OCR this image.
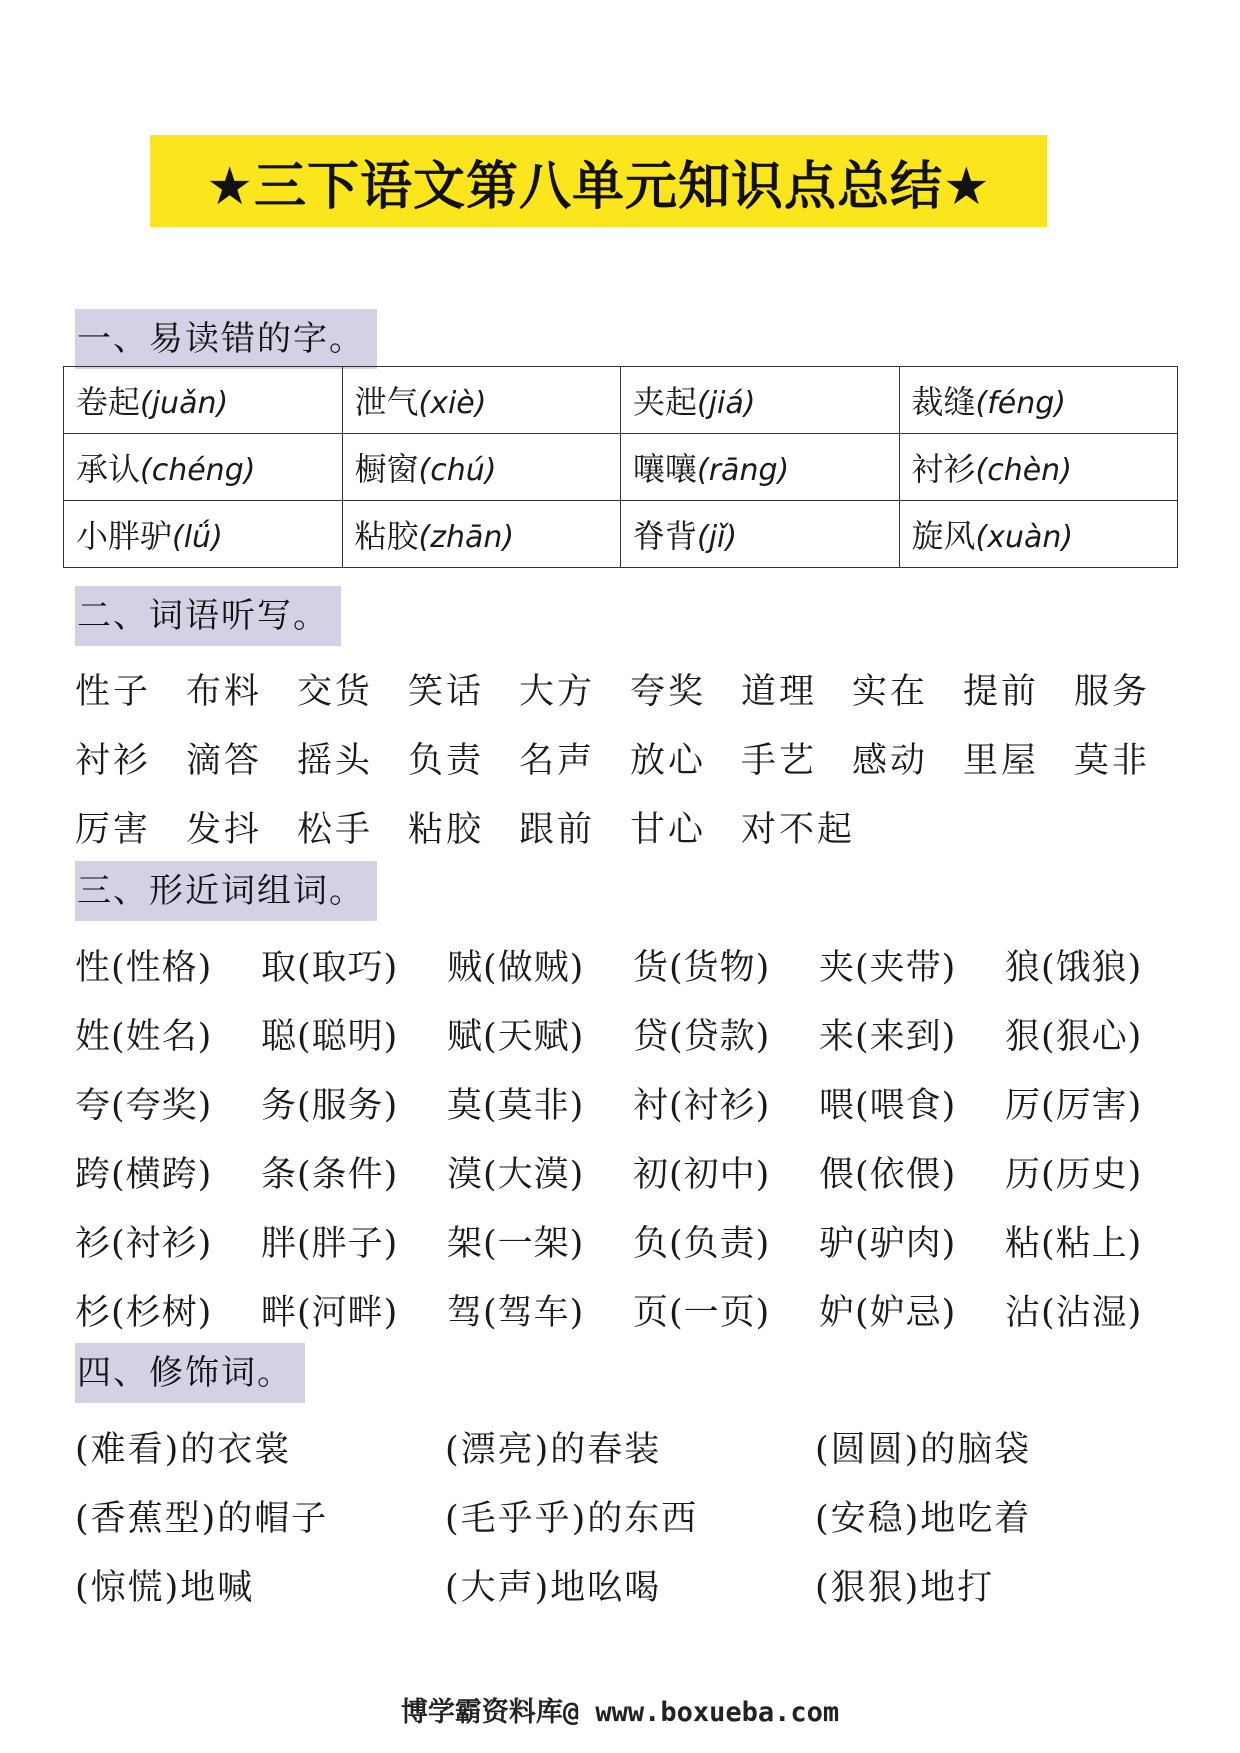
★三下语文第八单元知识点总结★
一、易读错的字。
卷起(juǎn)	泄气(xiè)	夹起(jiá)	裁缝(féng)
承认(chéng)	橱窗(chú)	嚷嚷(rāng)	衬衫(chèn)
小胖驴(lǘ)	粘胶(zhān)	脊背(jǐ)	旋风(xuàn)
二、词语听写。
性子 布料 交货 笑话 大方 夸奖 道理 实在 提前 服务
衬衫 滴答 摇头 负责 名声 放心 手艺 感动 里屋 莫非
厉害 发抖 松手 粘胶 跟前 甘心 对不起
三、形近词组词。
性(性格)	取(取巧)	贼(做贼)	货(货物)	夹(夹带)	狼(饿狼)
姓(姓名)	聪(聪明)	赋(天赋)	贷(贷款)	来(来到)	狠(狠心)
夸(夸奖)	务(服务)	莫(莫非)	衬(衬衫)	喂(喂食)	厉(厉害)
跨(横跨)	条(条件)	漠(大漠)	初(初中)	偎(依偎)	历(历史)
衫(衬衫)	胖(胖子)	架(一架)	负(负责)	驴(驴肉)	粘(粘上)
杉(杉树)	畔(河畔)	驾(驾车)	页(一页)	妒(妒忌)	沾(沾湿)
四、修饰词。
(难看)的衣裳	(漂亮)的春装	(圆圆)的脑袋
(香蕉型)的帽子	(毛乎乎)的东西	(安稳)地吃着
(惊慌)地喊	(大声)地吆喝	(狠狠)地打
博学霸资料库@ www.boxueba.com
